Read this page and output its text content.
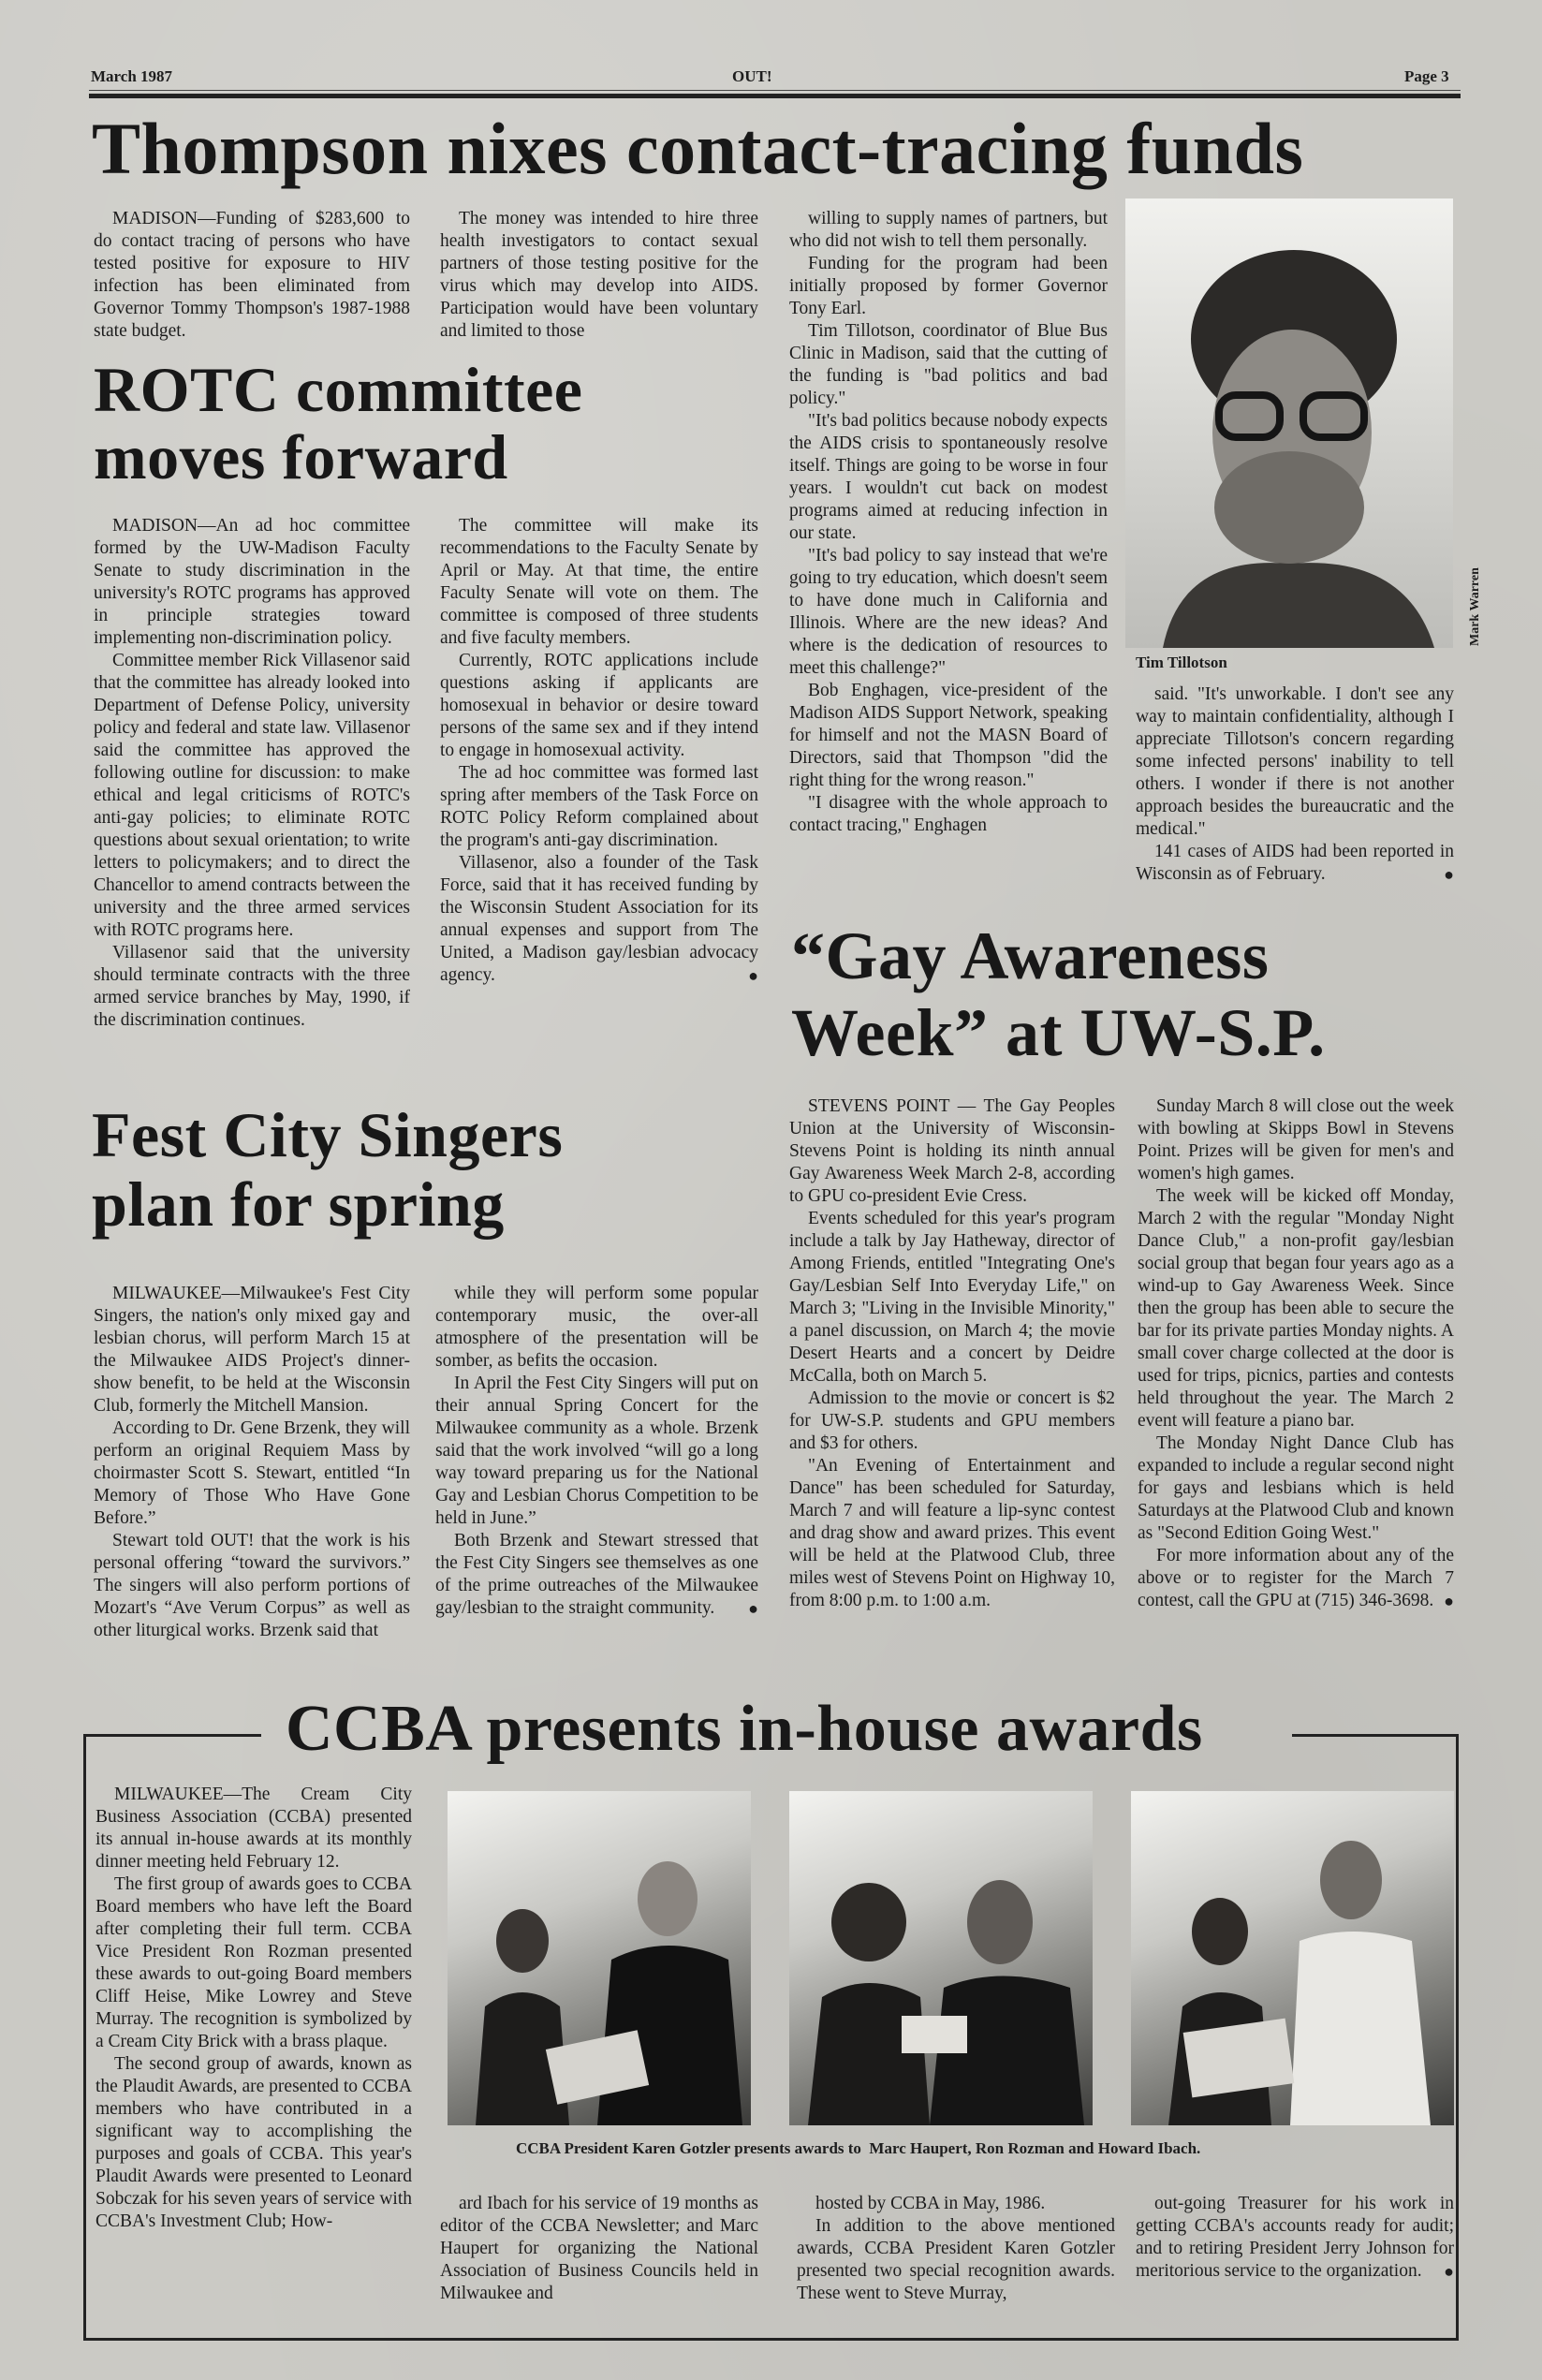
March 1987	OUT!	Page 3
Thompson nixes contact-tracing funds

MADISON—Funding of $283,600 to do contact tracing of persons who have tested positive for exposure to HIV infection has been eliminated from Governor Tommy Thompson's 1987-1988 state budget.

The money was intended to hire three health investigators to contact sexual partners of those testing positive for the virus which may develop into AIDS. Participation would have been voluntary and limited to those

willing to supply names of partners, but who did not wish to tell them personally.

Funding for the program had been initially proposed by former Governor Tony Earl.

Tim Tillotson, coordinator of Blue Bus Clinic in Madison, said that the cutting of the funding is "bad politics and bad policy."

"It's bad politics because nobody expects the AIDS crisis to spontaneously resolve itself. Things are going to be worse in four years. I wouldn't cut back on modest programs aimed at reducing infection in our state.

"It's bad policy to say instead that we're going to try education, which doesn't seem to have done much in California and Illinois. Where are the new ideas? And where is the dedication of resources to meet this challenge?"

Bob Enghagen, vice-president of the Madison AIDS Support Network, speaking for himself and not the MASN Board of Directors, said that Thompson "did the right thing for the wrong reason."

"I disagree with the whole approach to contact tracing," Enghagen

Mark Warren
Tim Tillotson

said. "It's unworkable. I don't see any way to maintain confidentiality, although I appreciate Tillotson's concern regarding some infected persons' inability to tell others. I wonder if there is not another approach besides the bureaucratic and the medical."

141 cases of AIDS had been reported in Wisconsin as of February.	●

ROTC committee
moves forward

MADISON—An ad hoc committee formed by the UW-Madison Faculty Senate to study discrimination in the university's ROTC programs has approved in principle strategies toward implementing non-discrimination policy.

Committee member Rick Villasenor said that the committee has already looked into Department of Defense Policy, university policy and federal and state law. Villasenor said the committee has approved the following outline for discussion: to make ethical and legal criticisms of ROTC's anti-gay policies; to eliminate ROTC questions about sexual orientation; to write letters to policymakers; and to direct the Chancellor to amend contracts between the university and the three armed services with ROTC programs here.

Villasenor said that the university should terminate contracts with the three armed service branches by May, 1990, if the discrimination continues.

The committee will make its recommendations to the Faculty Senate by April or May. At that time, the entire Faculty Senate will vote on them. The committee is composed of three students and five faculty members.

Currently, ROTC applications include questions asking if applicants are homosexual in behavior or desire toward persons of the same sex and if they intend to engage in homosexual activity.

The ad hoc committee was formed last spring after members of the Task Force on ROTC Policy Reform complained about the program's anti-gay discrimination.

Villasenor, also a founder of the Task Force, said that it has received funding by the Wisconsin Student Association for its annual expenses and support from The United, a Madison gay/lesbian advocacy agency.	● “Gay Awareness
Week” at UW-S.P.

STEVENS POINT — The Gay Peoples Union at the University of Wisconsin-Stevens Point is holding its ninth annual Gay Awareness Week March 2-8, according to GPU co-president Evie Cress.

Events scheduled for this year's program include a talk by Jay Hatheway, director of Among Friends, entitled "Integrating One's Gay/Lesbian Self Into Everyday Life," on March 3; "Living in the Invisible Minority," a panel discussion, on March 4; the movie Desert Hearts and a concert by Deidre McCalla, both on March 5.

Admission to the movie or concert is $2 for UW-S.P. students and GPU members and $3 for others.

"An Evening of Entertainment and Dance" has been scheduled for Saturday, March 7 and will feature a lip-sync contest and drag show and award prizes. This event will be held at the Platwood Club, three miles west of Stevens Point on Highway 10, from 8:00 p.m. to 1:00 a.m.

Sunday March 8 will close out the week with bowling at Skipps Bowl in Stevens Point. Prizes will be given for men's and women's high games.

The week will be kicked off Monday, March 2 with the regular "Monday Night Dance Club," a non-profit gay/lesbian social group that began four years ago as a wind-up to Gay Awareness Week. Since then the group has been able to secure the bar for its private parties Monday nights. A small cover charge collected at the door is used for trips, picnics, parties and contests held throughout the year. The March 2 event will feature a piano bar.

The Monday Night Dance Club has expanded to include a regular second night for gays and lesbians which is held Saturdays at the Platwood Club and known as "Second Edition Going West."

For more information about any of the above or to register for the March 7 contest, call the GPU at (715) 346-3698. ●

Fest City Singers
plan for spring

MILWAUKEE—Milwaukee's Fest City Singers, the nation's only mixed gay and lesbian chorus, will perform March 15 at the Milwaukee AIDS Project's dinner-show benefit, to be held at the Wisconsin Club, formerly the Mitchell Mansion.

According to Dr. Gene Brzenk, they will perform an original Requiem Mass by choirmaster Scott S. Stewart, entitled “In Memory of Those Who Have Gone Before.”

Stewart told OUT! that the work is his personal offering “toward the survivors.” The singers will also perform portions of Mozart's “Ave Verum Corpus” as well as other liturgical works. Brzenk said that

while they will perform some popular contemporary music, the over-all atmosphere of the presentation will be somber, as befits the occasion.

In April the Fest City Singers will put on their annual Spring Concert for the Milwaukee community as a whole. Brzenk said that the work involved “will go a long way toward preparing us for the National Gay and Lesbian Chorus Competition to be held in June.”

Both Brzenk and Stewart stressed that the Fest City Singers see themselves as one of the prime outreaches of the Milwaukee gay/lesbian to the straight community. ●

CCBA presents in-house awards

MILWAUKEE—The Cream City Business Association (CCBA) presented its annual in-house awards at its monthly dinner meeting held February 12.

The first group of awards goes to CCBA Board members who have left the Board after completing their full term. CCBA Vice President Ron Rozman presented these awards to out-going Board members Cliff Heise, Mike Lowrey and Steve Murray. The recognition is symbolized by a Cream City Brick with a brass plaque.

The second group of awards, known as the Plaudit Awards, are presented to CCBA members who have contributed in a significant way to accomplishing the purposes and goals of CCBA. This year's Plaudit Awards were presented to Leonard Sobczak for his seven years of service with CCBA's Investment Club; How-

CCBA President Karen Gotzler presents awards to  Marc Haupert, Ron Rozman and Howard Ibach.

ard Ibach for his service of 19 months as editor of the CCBA Newsletter; and Marc Haupert for organizing the National Association of Business Councils held in Milwaukee and

hosted by CCBA in May, 1986.

In addition to the above mentioned awards, CCBA President Karen Gotzler presented two special recognition awards. These went to Steve Murray,

out-going Treasurer for his work in getting CCBA's accounts ready for audit; and to retiring President Jerry Johnson for meritorious service to the organization. ●
